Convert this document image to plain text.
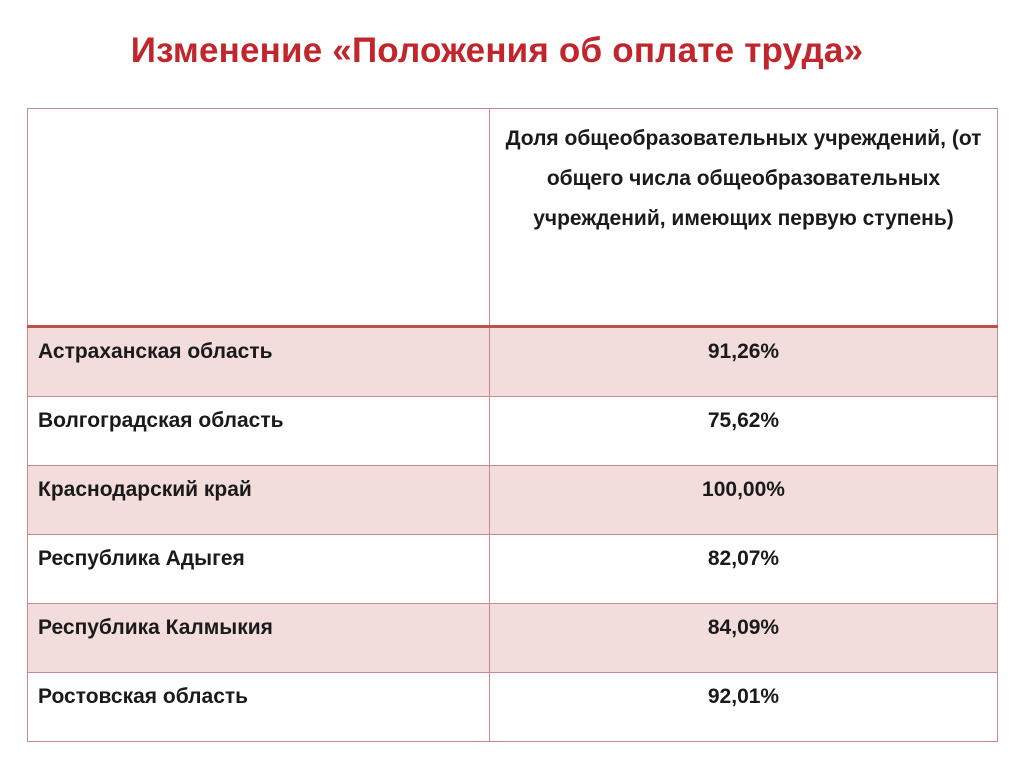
Изменение «Положения об оплате труда»

	Доля общеобразовательных учреждений, (от общего числа общеобразовательных учреждений, имеющих первую ступень)

Астраханская область	91,26%

Волгоградская область	75,62%

Краснодарский край	100,00%

Республика Адыгея	82,07%

Республика Калмыкия	84,09%

Ростовская область	92,01%
